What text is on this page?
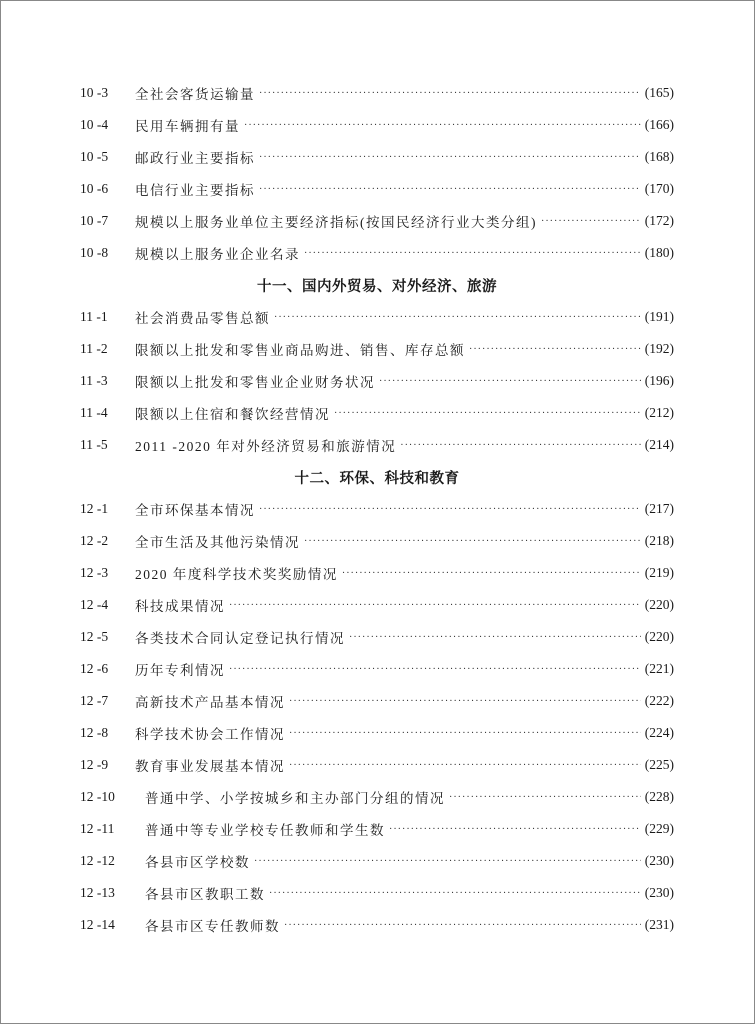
10 -3	全社会客货运输量 ·····	(165)
10 -4	民用车辆拥有量 ·····	(166)
10 -5	邮政行业主要指标 ·····	(168)
10 -6	电信行业主要指标 ·····	(170)
10 -7	规模以上服务业单位主要经济指标(按国民经济行业大类分组) ·····	(172)
10 -8	规模以上服务业企业名录 ·····	(180)
十一、国内外贸易、对外经济、旅游
11 -1	社会消费品零售总额 ·····	(191)
11 -2	限额以上批发和零售业商品购进、销售、库存总额 ·····	(192)
11 -3	限额以上批发和零售业企业财务状况 ·····	(196)
11 -4	限额以上住宿和餐饮经营情况 ·····	(212)
11 -5	2011 -2020 年对外经济贸易和旅游情况 ·····	(214)
十二、环保、科技和教育
12 -1	全市环保基本情况 ·····	(217)
12 -2	全市生活及其他污染情况 ·····	(218)
12 -3	2020 年度科学技术奖奖励情况 ·····	(219)
12 -4	科技成果情况 ·····	(220)
12 -5	各类技术合同认定登记执行情况 ·····	(220)
12 -6	历年专利情况 ·····	(221)
12 -7	高新技术产品基本情况 ·····	(222)
12 -8	科学技术协会工作情况 ·····	(224)
12 -9	教育事业发展基本情况 ·····	(225)
12 -10	普通中学、小学按城乡和主办部门分组的情况 ·····	(228)
12 -11	普通中等专业学校专任教师和学生数 ·····	(229)
12 -12	各县市区学校数 ·····	(230)
12 -13	各县市区教职工数 ·····	(230)
12 -14	各县市区专任教师数 ·····	(231)
